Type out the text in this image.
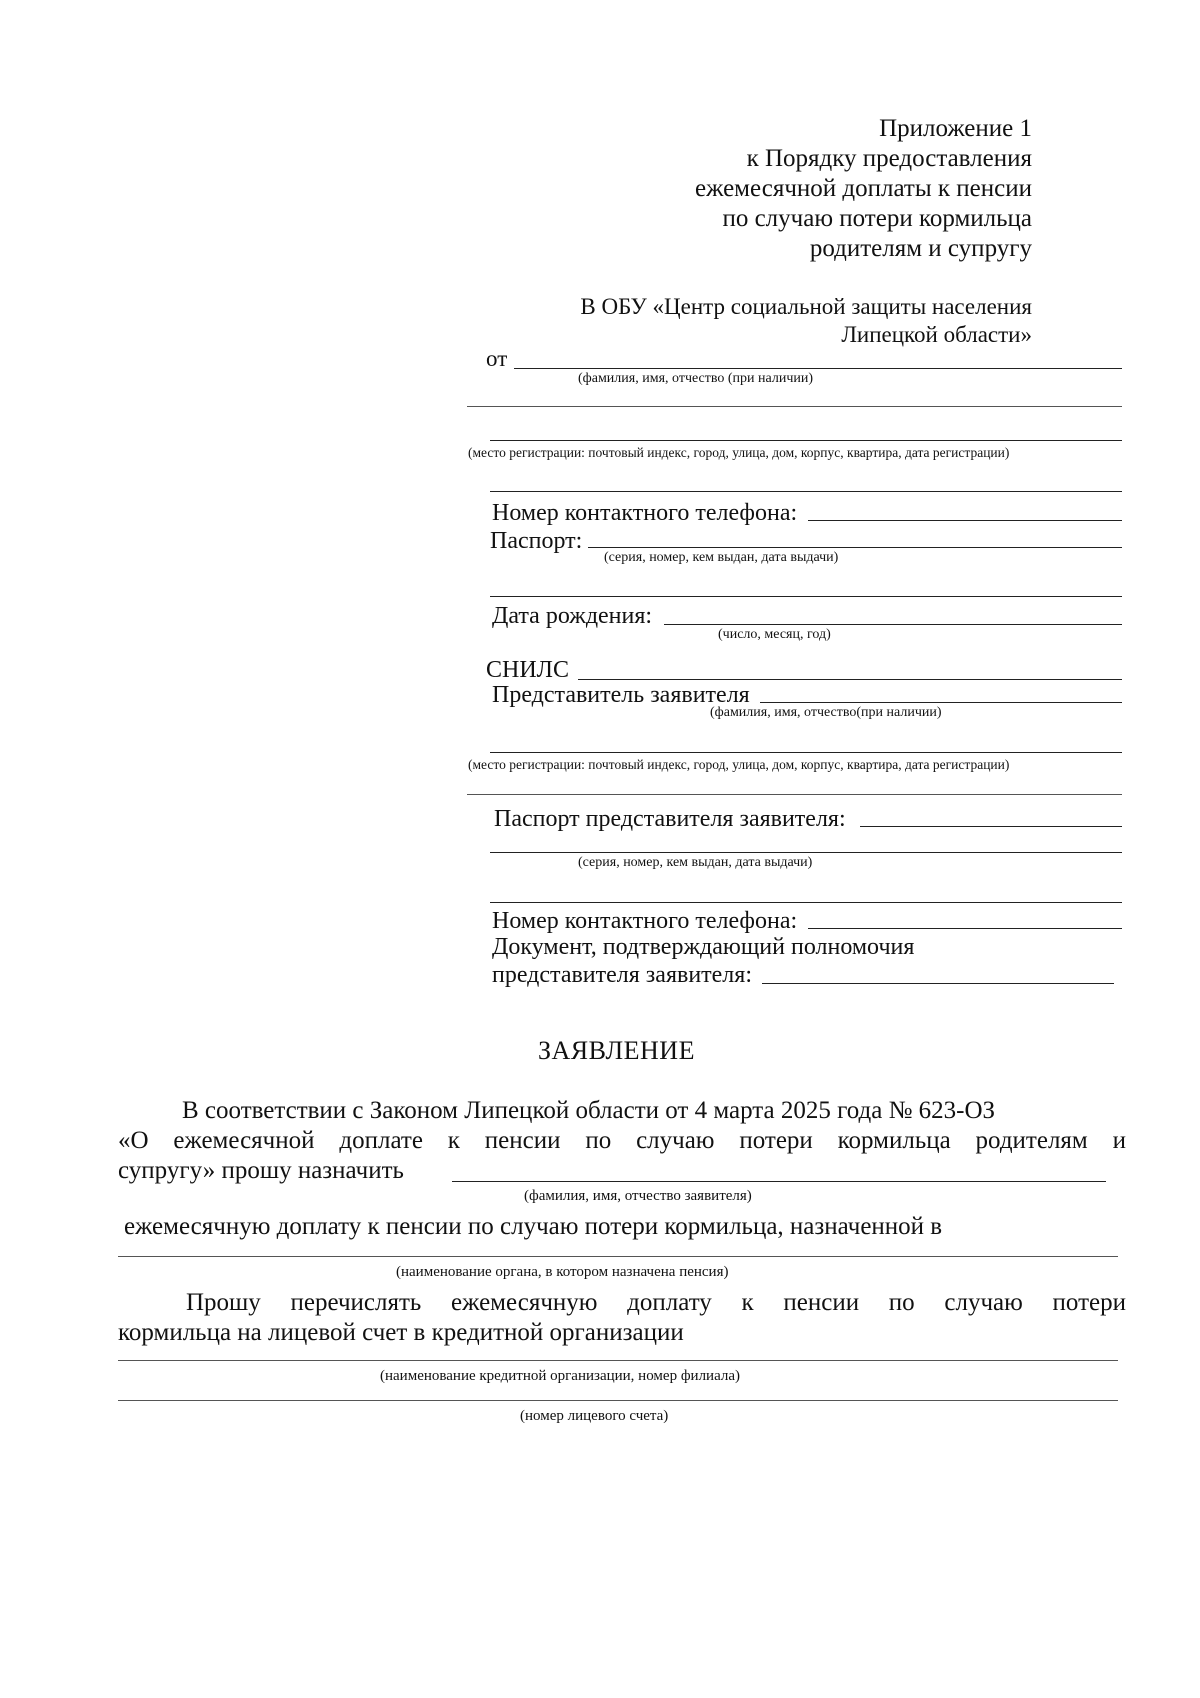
Приложение 1
к Порядку предоставления
ежемесячной доплаты к пенсии
по случаю потери кормильца
родителям и супругу
В ОБУ «Центр социальной защиты населения
Липецкой области»
от
(фамилия, имя, отчество (при наличии)
(место регистрации: почтовый индекс, город, улица, дом, корпус, квартира, дата регистрации)
Номер контактного телефона:
Паспорт:
(серия, номер, кем выдан, дата выдачи)
Дата рождения:
(число, месяц, год)
СНИЛС
Представитель заявителя
(фамилия, имя, отчество(при наличии)
(место регистрации: почтовый индекс, город, улица, дом, корпус, квартира, дата регистрации)
Паспорт представителя заявителя:
(серия, номер, кем выдан, дата выдачи)
Номер контактного телефона:
Документ, подтверждающий полномочия
представителя заявителя:
ЗАЯВЛЕНИЕ
В соответствии с Законом Липецкой области от 4 марта 2025 года № 623-ОЗ
«О ежемесячной доплате к пенсии по случаю потери кормильца родителям и
супругу» прошу назначить
(фамилия, имя, отчество заявителя)
ежемесячную доплату к пенсии по случаю потери кормильца, назначенной в
(наименование органа, в котором назначена пенсия)
Прошу перечислять ежемесячную доплату к пенсии по случаю потери
кормильца на лицевой счет в кредитной организации
(наименование кредитной организации, номер филиала)
(номер лицевого счета)
